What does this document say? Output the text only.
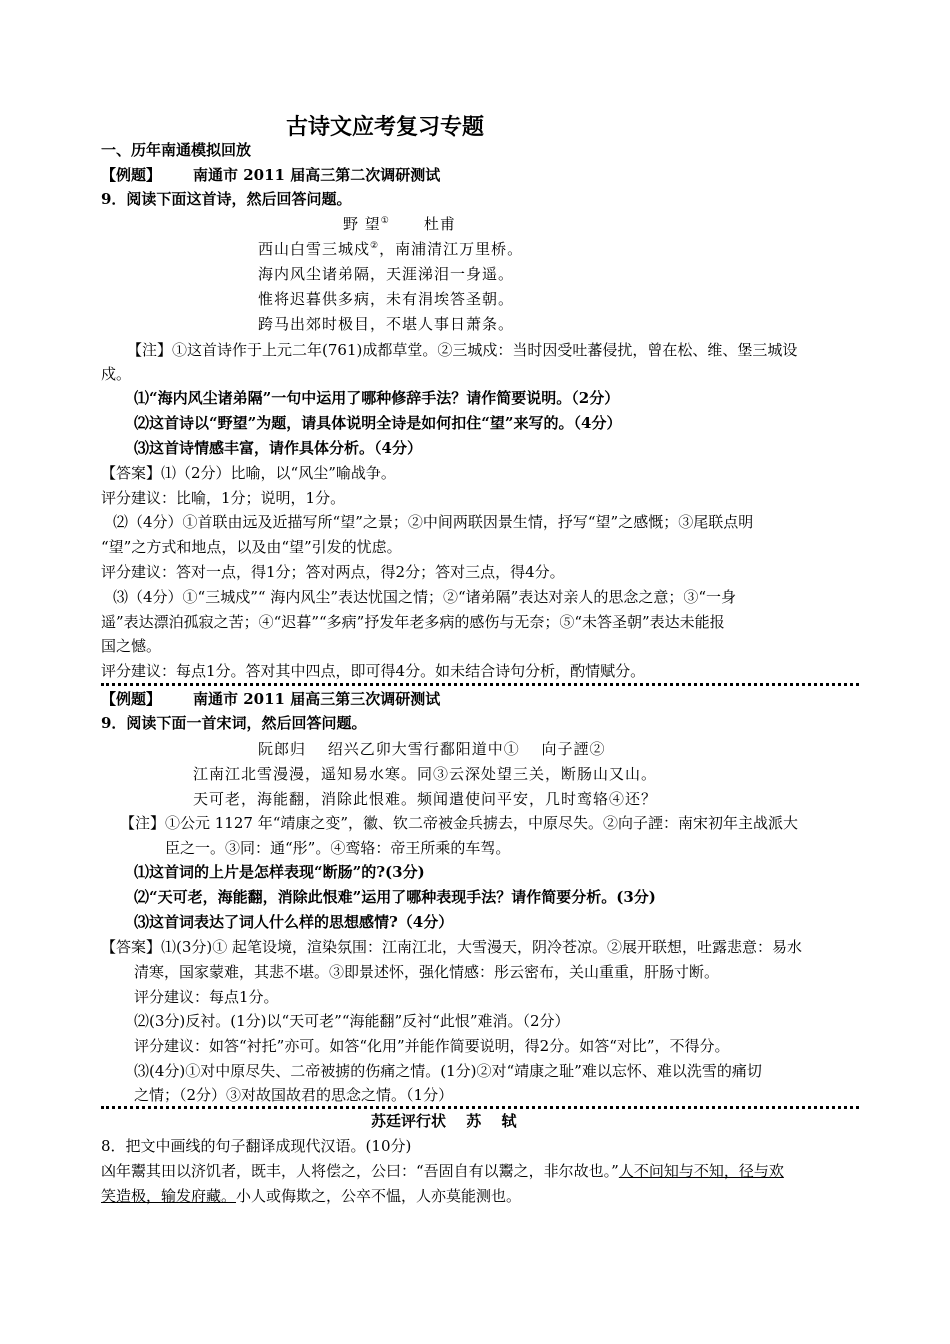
古诗文应考复习专题
一、历年南通模拟回放
【例题】 南通市 2011 届高三第二次调研测试
9．阅读下面这首诗，然后回答问题。
野 望① 杜甫
西山白雪三城戍②，南浦清江万里桥。
海内风尘诸弟隔，天涯涕泪一身遥。
惟将迟暮供多病，未有涓埃答圣朝。
跨马出郊时极目，不堪人事日萧条。
【注】①这首诗作于上元二年(761)成都草堂。②三城戍：当时因受吐蕃侵扰，曾在松、维、堡三城设
戍。
⑴“海内风尘诸弟隔”一句中运用了哪种修辞手法？请作简要说明。（2分）
⑵这首诗以“野望”为题，请具体说明全诗是如何扣住“望”来写的。（4分）
⑶这首诗情感丰富，请作具体分析。（4分）
【答案】⑴（2分）比喻，以“风尘”喻战争。
评分建议：比喻，1分；说明，1分。
⑵（4分）①首联由远及近描写所“望”之景；②中间两联因景生情，抒写“望”之感慨；③尾联点明
“望”之方式和地点，以及由“望”引发的忧虑。
评分建议：答对一点，得1分；答对两点，得2分；答对三点，得4分。
⑶（4分）①“三城戍”“ 海内风尘”表达忧国之情；②“诸弟隔”表达对亲人的思念之意；③“一身
遥”表达漂泊孤寂之苦；④“迟暮”“多病”抒发年老多病的感伤与无奈；⑤“未答圣朝”表达未能报
国之憾。
评分建议：每点1分。答对其中四点，即可得4分。如未结合诗句分析，酌情赋分。
【例题】 南通市 2011 届高三第三次调研测试
9．阅读下面一首宋词，然后回答问题。
阮郎归　 绍兴乙卯大雪行鄱阳道中①　 向子諲②
江南江北雪漫漫，遥知易水寒。同③云深处望三关，断肠山又山。
天可老，海能翻，消除此恨难。频闻遣使问平安，几时鸾辂④还？
【注】①公元 1127 年“靖康之变”，徽、钦二帝被金兵掳去，中原尽失。②向子諲：南宋初年主战派大
臣之一。③同：通“彤”。④鸾辂：帝王所乘的车驾。
⑴这首词的上片是怎样表现“断肠”的?(3分)
⑵“天可老，海能翻，消除此恨难”运用了哪种表现手法？请作简要分析。(3分)
⑶这首词表达了词人什么样的思想感情?（4分）
【答案】⑴(3分)① 起笔设境，渲染氛围：江南江北，大雪漫天，阴冷苍凉。②展开联想，吐露悲意：易水
清寒，国家蒙难，其悲不堪。③即景述怀，强化情感：彤云密布，关山重重，肝肠寸断。
评分建议：每点1分。
⑵(3分)反衬。(1分)以“天可老”“海能翻”反衬“此恨”难消。（2分）
评分建议：如答“衬托”亦可。如答“化用”并能作简要说明，得2分。如答“对比”，不得分。
⑶(4分)①对中原尽失、二帝被掳的伤痛之情。(1分)②对“靖康之耻”难以忘怀、难以洗雪的痛切
之情；（2分）③对故国故君的思念之情。（1分）
苏廷评行状　 苏　 轼
8．把文中画线的句子翻译成现代汉语。(10分)
凶年鬻其田以济饥者，既丰，人将偿之，公曰：“吾固自有以鬻之，非尔故也。”人不问知与不知，径与欢
笑造极，输发府藏。小人或侮欺之，公卒不愠，人亦莫能测也。
